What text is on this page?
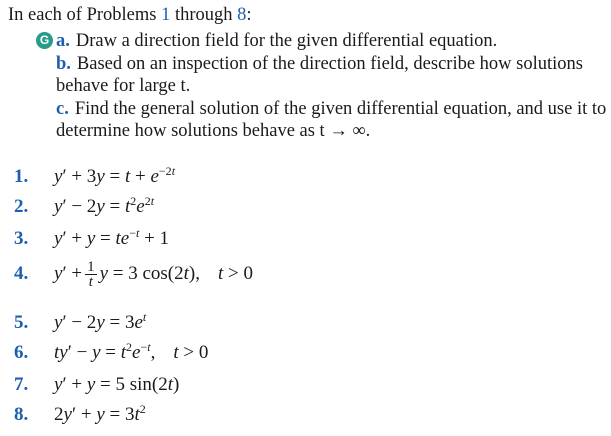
In each of Problems 1 through 8:
G a. Draw a direction field for the given differential equation.
b. Based on an inspection of the direction field, describe how solutions behave for large t.
c. Find the general solution of the given differential equation, and use it to determine how solutions behave as t → ∞.
1. $y' + 3y = t + e^{-2t}$
2. $y' - 2y = t^2e^{2t}$
3. $y' + y = te^{-t} + 1$
4. $y' + \frac{1}{t}$ y = 3 cos(2t), t > 0
5. $y' - 2y = 3e^t$
6. $ty' - y = t^2e^{-t}$, t > 0
7. y′ + y = 5 sin(2t)
8. $2y' + y = 3t^2$
